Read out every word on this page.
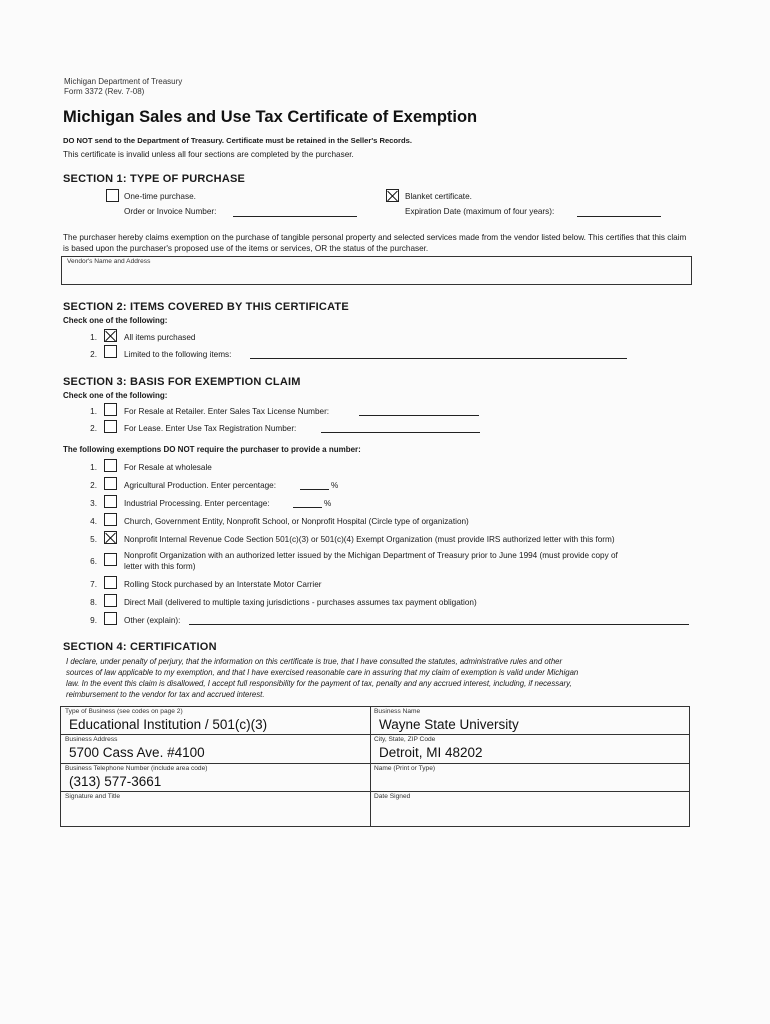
Michigan Department of Treasury
Form 3372 (Rev. 7-08)
Michigan Sales and Use Tax Certificate of Exemption
DO NOT send to the Department of Treasury. Certificate must be retained in the Seller's Records.
This certificate is invalid unless all four sections are completed by the purchaser.
SECTION 1: TYPE OF PURCHASE
One-time purchase.
Order or Invoice Number:
Blanket certificate.
Expiration Date (maximum of four years):
The purchaser hereby claims exemption on the purchase of tangible personal property and selected services made from the vendor listed below. This certifies that this claim is based upon the purchaser's proposed use of the items or services, OR the status of the purchaser.
Vendor's Name and Address
SECTION 2: ITEMS COVERED BY THIS CERTIFICATE
Check one of the following:
1.	All items purchased
2.	Limited to the following items:
SECTION 3: BASIS FOR EXEMPTION CLAIM
Check one of the following:
1.	For Resale at Retailer. Enter Sales Tax License Number:
2.	For Lease. Enter Use Tax Registration Number:
The following exemptions DO NOT require the purchaser to provide a number:
1.	For Resale at wholesale
2.	Agricultural Production. Enter percentage:	%
3.	Industrial Processing. Enter percentage:	%
4.	Church, Government Entity, Nonprofit School, or Nonprofit Hospital (Circle type of organization)
5.	Nonprofit Internal Revenue Code Section 501(c)(3) or 501(c)(4) Exempt Organization (must provide IRS authorized letter with this form)
6.
Nonprofit Organization with an authorized letter issued by the Michigan Department of Treasury prior to June 1994 (must provide copy of
letter with this form)
7.	Rolling Stock purchased by an Interstate Motor Carrier
8.	Direct Mail (delivered to multiple taxing jurisdictions - purchases assumes tax payment obligation)
9.	Other (explain):
SECTION 4: CERTIFICATION
I declare, under penalty of perjury, that the information on this certificate is true, that I have consulted the statutes, administrative rules and other
sources of law applicable to my exemption, and that I have exercised reasonable care in assuring that my claim of exemption is valid under Michigan
law. In the event this claim is disallowed, I accept full responsibility for the payment of tax, penalty and any accrued interest, including, if necessary,
reimbursement to the vendor for tax and accrued interest.
Type of Business (see codes on page 2)
Educational Institution / 501(c)(3)
Business Name
Wayne State University
Business Address
5700 Cass Ave. #4100
City, State, ZIP Code
Detroit, MI 48202
Business Telephone Number (include area code)
(313) 577-3661
Name (Print or Type)
Signature and Title	Date Signed
